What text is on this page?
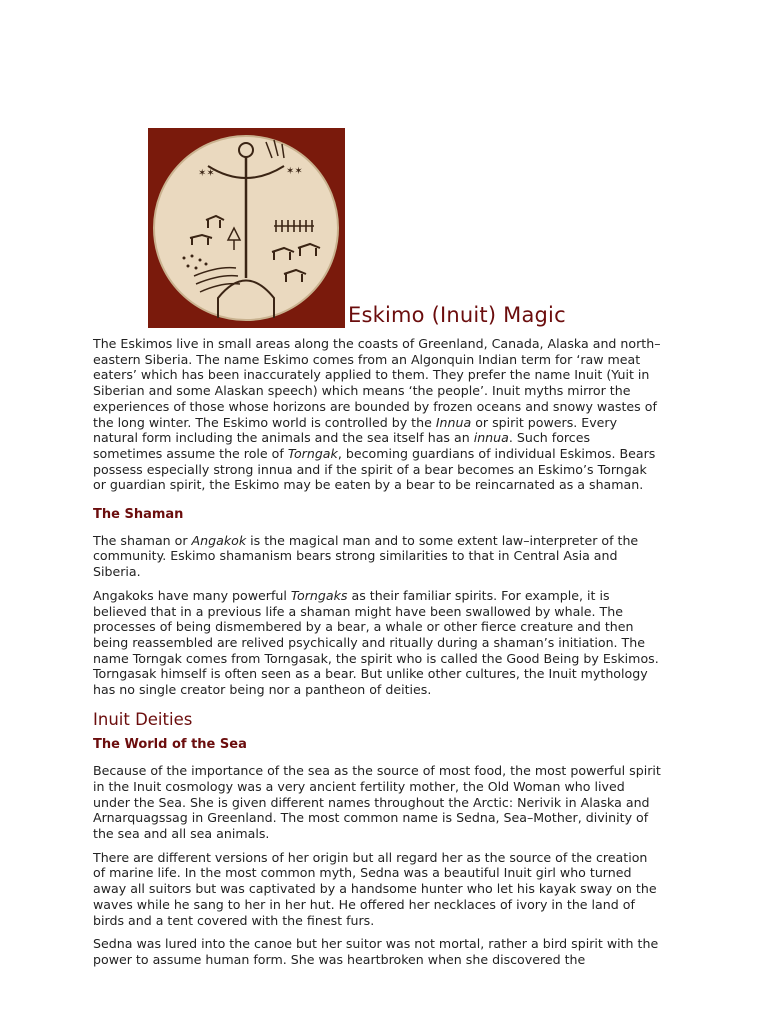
✶✶	✶✶
Eskimo (Inuit) Magic

The Eskimos live in small areas along the coasts of Greenland, Canada, Alaska and north–eastern Siberia. The name Eskimo comes from an Algonquin Indian term for ‘raw meat eaters’ which has been inaccurately applied to them. They prefer the name Inuit (Yuit in Siberian and some Alaskan speech) which means ‘the people’. Inuit myths mirror the experiences of those whose horizons are bounded by frozen oceans and snowy wastes of the long winter. The Eskimo world is controlled by the Innua or spirit powers. Every natural form including the animals and the sea itself has an innua. Such forces sometimes assume the role of Torngak, becoming guardians of individual Eskimos. Bears possess especially strong innua and if the spirit of a bear becomes an Eskimo’s Torngak or guardian spirit, the Eskimo may be eaten by a bear to be reincarnated as a shaman.

The Shaman

The shaman or Angakok is the magical man and to some extent law–interpreter of the community. Eskimo shamanism bears strong similarities to that in Central Asia and Siberia.

Angakoks have many powerful Torngaks as their familiar spirits. For example, it is believed that in a previous life a shaman might have been swallowed by whale. The processes of being dismembered by a bear, a whale or other fierce creature and then being reassembled are relived psychically and ritually during a shaman’s initiation. The name Torngak comes from Torngasak, the spirit who is called the Good Being by Eskimos. Torngasak himself is often seen as a bear. But unlike other cultures, the Inuit mythology has no single creator being nor a pantheon of deities.

Inuit Deities
The World of the Sea

Because of the importance of the sea as the source of most food, the most powerful spirit in the Inuit cosmology was a very ancient fertility mother, the Old Woman who lived under the Sea. She is given different names throughout the Arctic: Nerivik in Alaska and Arnarquagssag in Greenland. The most common name is Sedna, Sea–Mother, divinity of the sea and all sea animals.

There are different versions of her origin but all regard her as the source of the creation of marine life. In the most common myth, Sedna was a beautiful Inuit girl who turned away all suitors but was captivated by a handsome hunter who let his kayak sway on the waves while he sang to her in her hut. He offered her necklaces of ivory in the land of birds and a tent covered with the finest furs.

Sedna was lured into the canoe but her suitor was not mortal, rather a bird spirit with the power to assume human form. She was heartbroken when she discovered the
